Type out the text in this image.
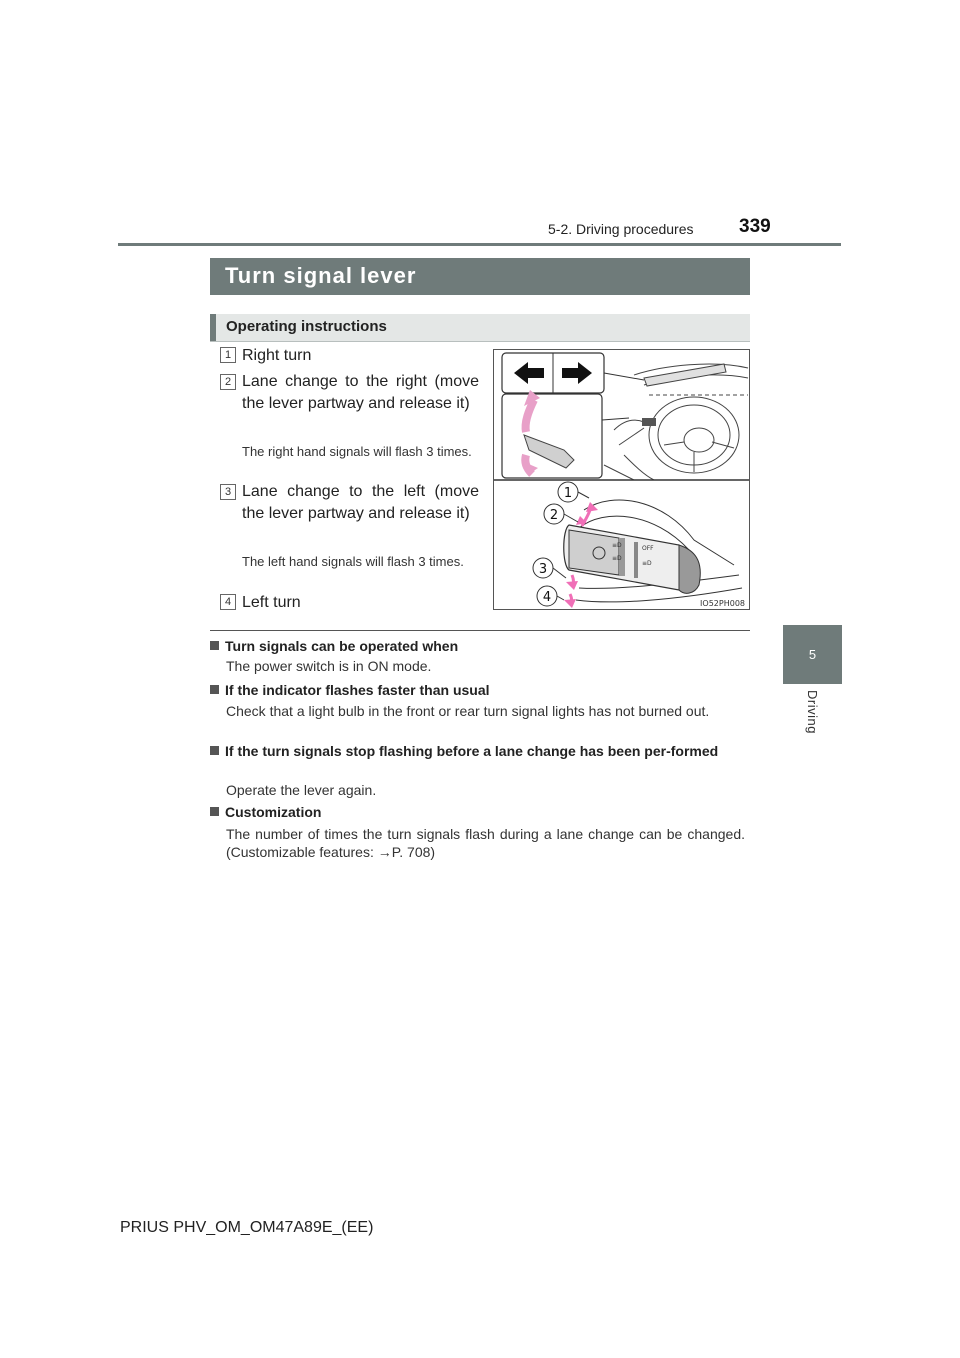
5-2. Driving procedures 339
5
Driving
Turn signal lever
Operating instructions
1 Right turn
2 Lane change to the right (move the lever partway and release it)
The right hand signals will flash 3 times.
3 Lane change to the left (move the lever partway and release it)
The left hand signals will flash 3 times.
4 Left turn
≡D
≡D
OFF
≡D
1
2
3
4	IO52PH008
Turn signals can be operated when
The power switch is in ON mode.
If the indicator flashes faster than usual
Check that a light bulb in the front or rear turn signal lights has not burned out.
If the turn signals stop flashing before a lane change has been per-formed
Operate the lever again.
Customization
The number of times the turn signals flash during a lane change can be changed. (Customizable features: →P. 708)
PRIUS PHV_OM_OM47A89E_(EE)
